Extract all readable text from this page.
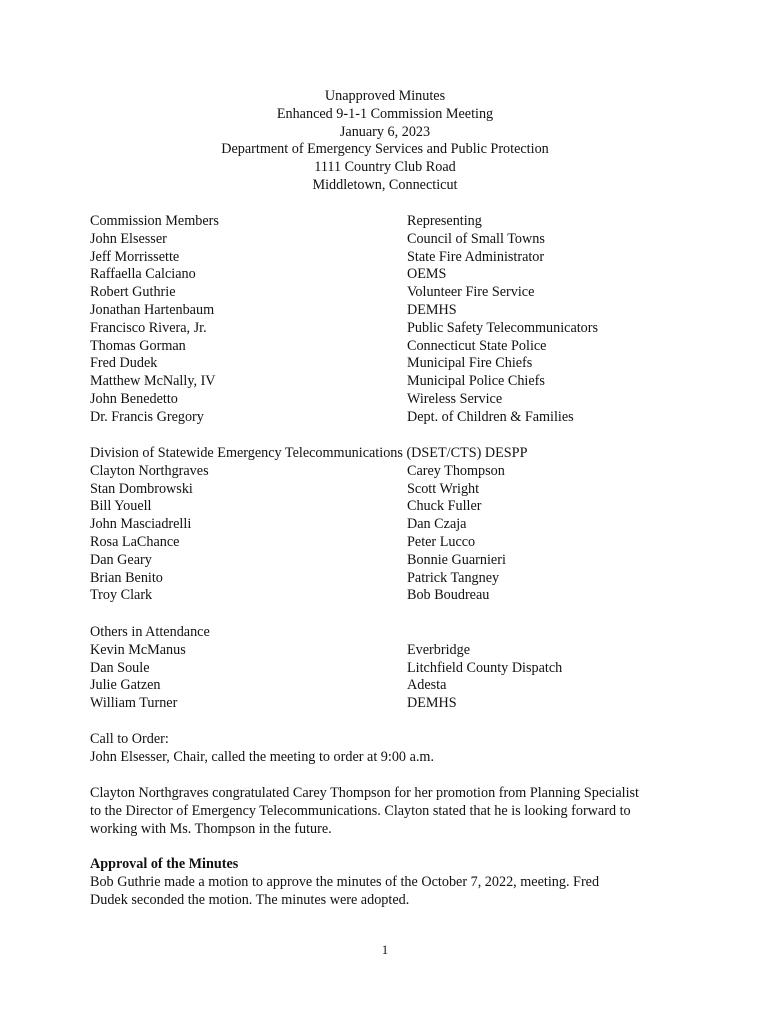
Unapproved Minutes
Enhanced 9-1-1 Commission Meeting
January 6, 2023
Department of Emergency Services and Public Protection
1111 Country Club Road
Middletown, Connecticut
Commission Members	Representing
John Elsesser	Council of Small Towns
Jeff Morrissette	State Fire Administrator
Raffaella Calciano	OEMS
Robert Guthrie	Volunteer Fire Service
Jonathan Hartenbaum	DEMHS
Francisco Rivera, Jr.	Public Safety Telecommunicators
Thomas Gorman	Connecticut State Police
Fred Dudek	Municipal Fire Chiefs
Matthew McNally, IV	Municipal Police Chiefs
John Benedetto	Wireless Service
Dr. Francis Gregory	Dept. of Children & Families
Division of Statewide Emergency Telecommunications (DSET/CTS) DESPP
Clayton Northgraves	Carey Thompson
Stan Dombrowski	Scott Wright
Bill Youell	Chuck Fuller
John Masciadrelli	Dan Czaja
Rosa LaChance	Peter Lucco
Dan Geary	Bonnie Guarnieri
Brian Benito	Patrick Tangney
Troy Clark	Bob Boudreau
Others in Attendance
Kevin McManus	Everbridge
Dan Soule	Litchfield County Dispatch
Julie Gatzen	Adesta
William Turner	DEMHS

Call to Order:

John Elsesser, Chair, called the meeting to order at 9:00 a.m.

Clayton Northgraves congratulated Carey Thompson for her promotion from Planning Specialist

to the Director of Emergency Telecommunications. Clayton stated that he is looking forward to

working with Ms. Thompson in the future.

Approval of the Minutes

Bob Guthrie made a motion to approve the minutes of the October 7, 2022, meeting. Fred

Dudek seconded the motion. The minutes were adopted.

1
